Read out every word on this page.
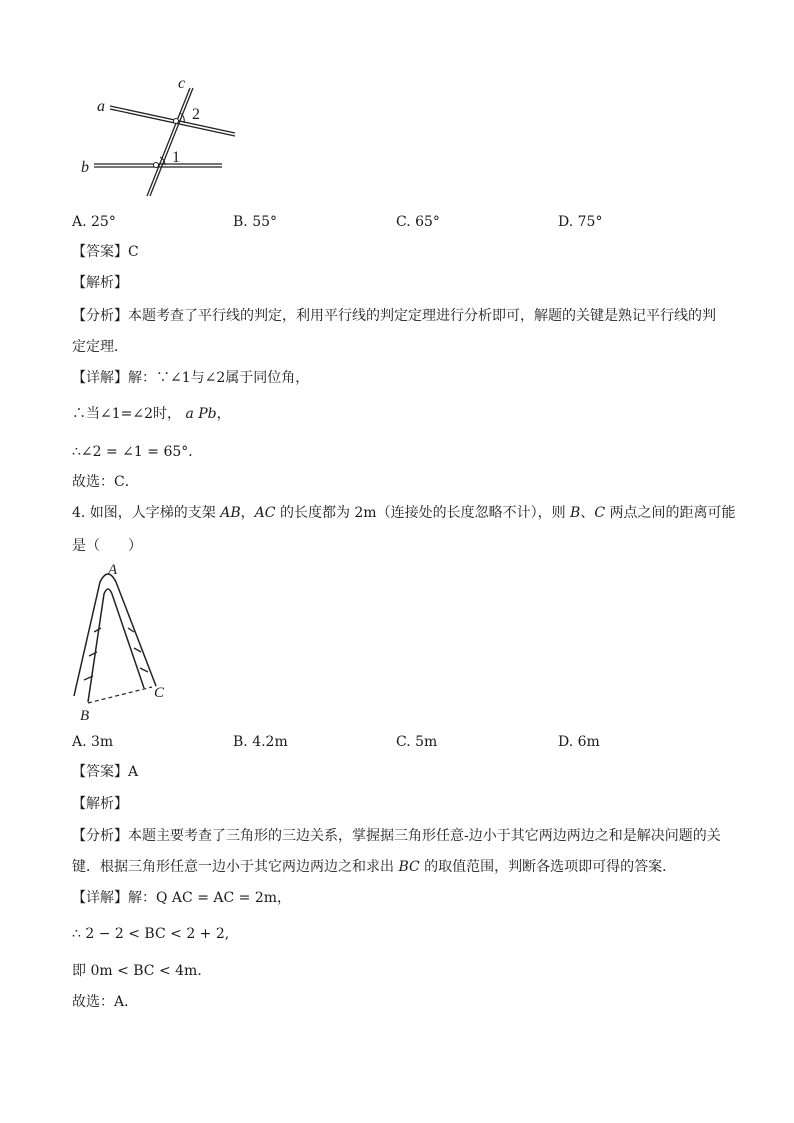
a
b
c
2
1
A. 25°	B. 55°	C. 65°	D. 75°
【答案】C
【解析】
【分析】本题考查了平行线的判定，利用平行线的判定定理进行分析即可，解题的关键是熟记平行线的判
定定理．
【详解】解：∵∠1与∠2属于同位角，
∴当∠1=∠2时， a Pb，
∴∠2 = ∠1 = 65°．
故选：C．
4. 如图，人字梯的支架 AB，AC 的长度都为 2m（连接处的长度忽略不计），则 B、C 两点之间的距离可能
是（　　）
A
B
C
A. 3m	B. 4.2m	C. 5m	D. 6m
【答案】A
【解析】
【分析】本题主要考查了三角形的三边关系，掌握据三角形任意-边小于其它两边两边之和是解决问题的关
键．根据三角形任意一边小于其它两边两边之和求出 BC 的取值范围，判断各选项即可得的答案．
【详解】解：Q AC = AC = 2m，
∴ 2 − 2 < BC < 2 + 2,
即 0m < BC < 4m．
故选：A．
